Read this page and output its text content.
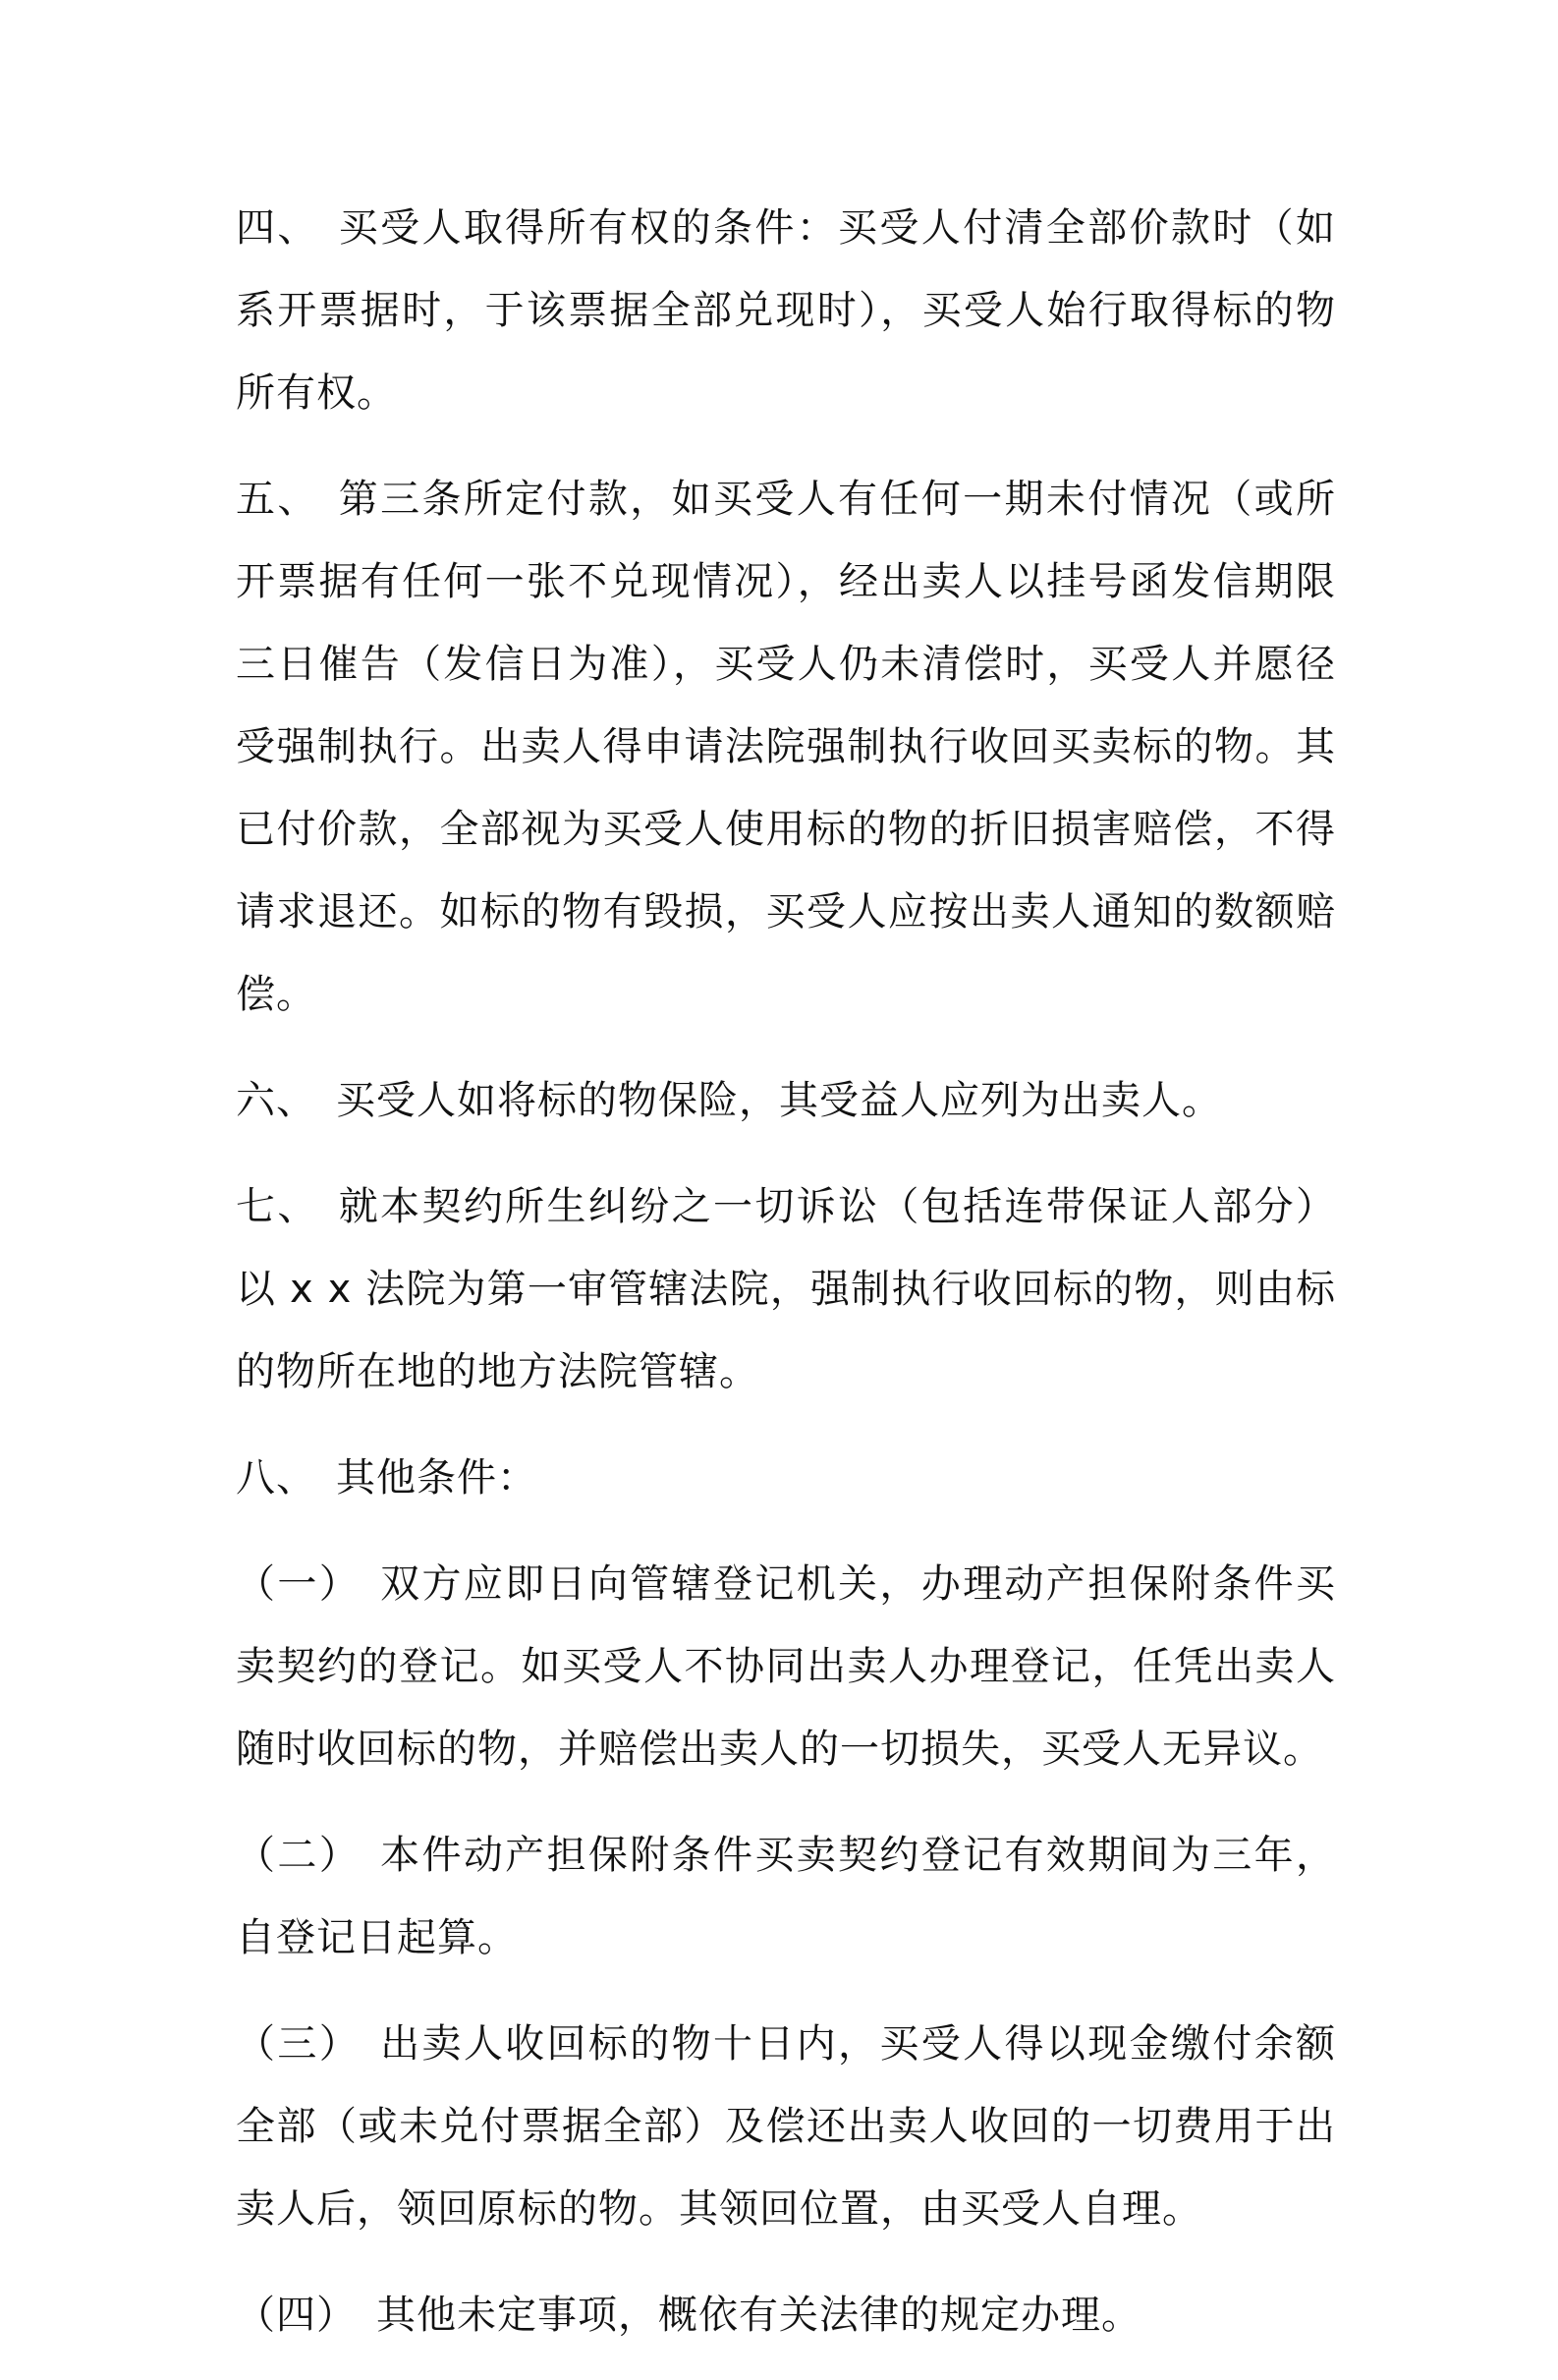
四、 买受人取得所有权的条件：买受人付清全部价款时（如系开票据时，于该票据全部兑现时），买受人始行取得标的物所有权。

五、 第三条所定付款，如买受人有任何一期未付情况（或所开票据有任何一张不兑现情况），经出卖人以挂号函发信期限三日催告（发信日为准），买受人仍未清偿时，买受人并愿径受强制执行。出卖人得申请法院强制执行收回买卖标的物。其已付价款，全部视为买受人使用标的物的折旧损害赔偿，不得请求退还。如标的物有毁损，买受人应按出卖人通知的数额赔偿。

六、 买受人如将标的物保险，其受益人应列为出卖人。

七、 就本契约所生纠纷之一切诉讼（包括连带保证人部分）以 x x 法院为第一审管辖法院，强制执行收回标的物，则由标的物所在地的地方法院管辖。

八、 其他条件：

（一） 双方应即日向管辖登记机关，办理动产担保附条件买卖契约的登记。如买受人不协同出卖人办理登记，任凭出卖人随时收回标的物，并赔偿出卖人的一切损失，买受人无异议。

（二） 本件动产担保附条件买卖契约登记有效期间为三年，自登记日起算。

（三） 出卖人收回标的物十日内，买受人得以现金缴付余额全部（或未兑付票据全部）及偿还出卖人收回的一切费用于出卖人后，领回原标的物。其领回位置，由买受人自理。

（四） 其他未定事项，概依有关法律的规定办理。
